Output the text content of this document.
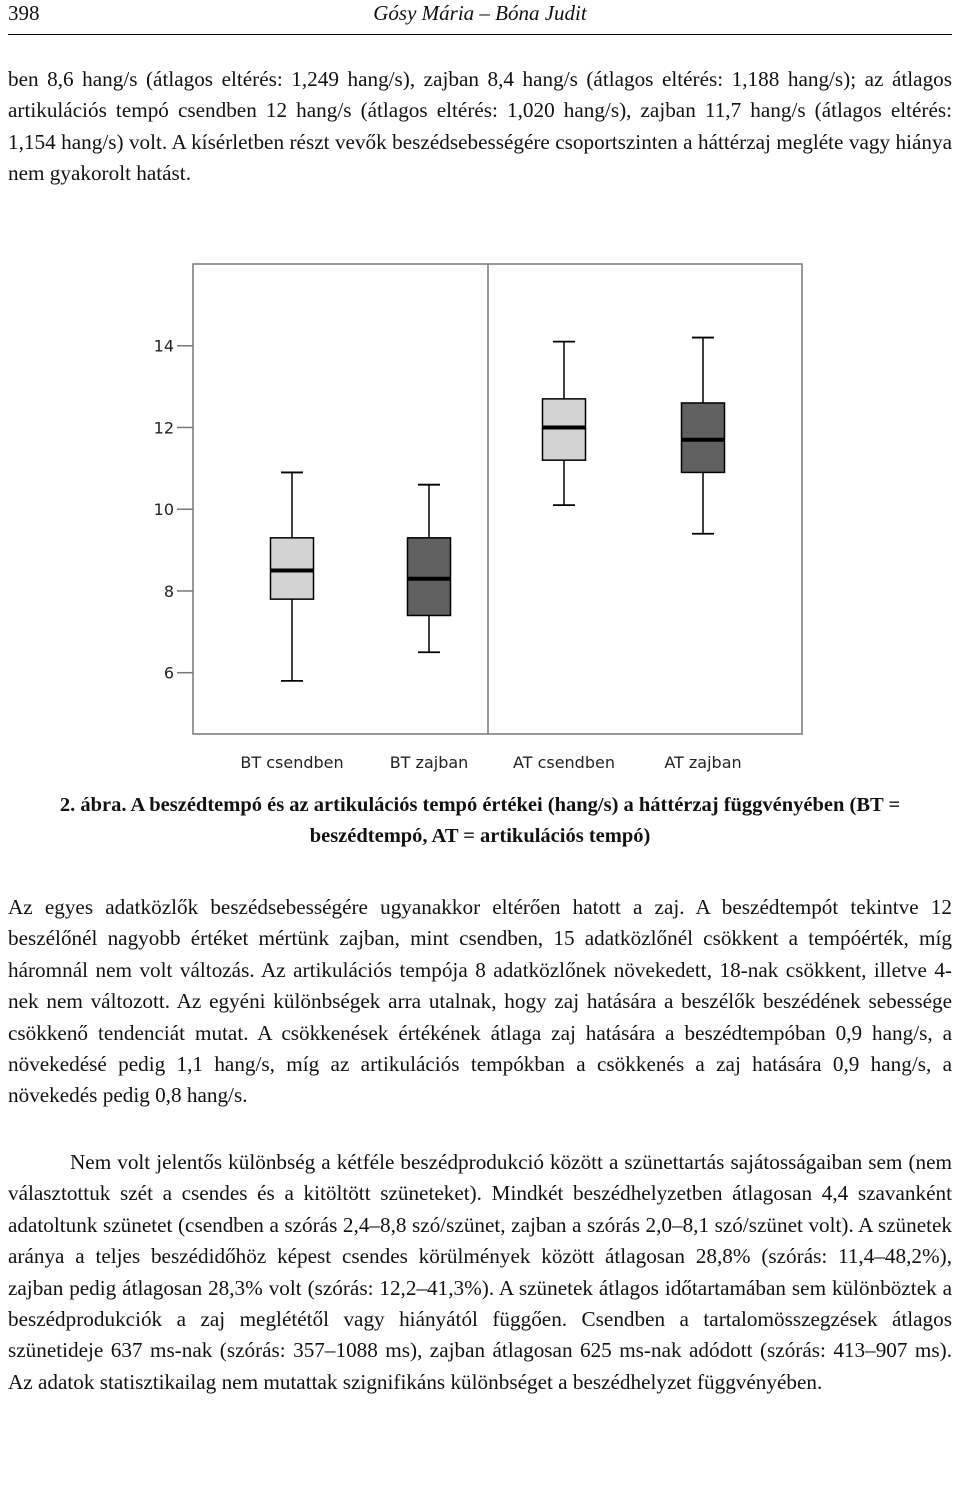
398	Gósy Mária – Bóna Judit

ben 8,6 hang/s (átlagos eltérés: 1,249 hang/s), zajban 8,4 hang/s (átlagos eltérés: 1,188 hang/s); az átlagos artikulációs tempó csendben 12 hang/s (átlagos eltérés: 1,020 hang/s), zajban 11,7 hang/s (átlagos eltérés: 1,154 hang/s) volt. A kísérletben részt vevők beszédsebességére csoportszinten a háttérzaj megléte vagy hiánya nem gyakorolt hatást.

6
8
10
12
14
BT csendben	BT zajban	AT csendben	AT zajban
2. ábra. A beszédtempó és az artikulációs tempó értékei (hang/s) a háttérzaj függvényében (BT = beszédtempó, AT = artikulációs tempó)

Az egyes adatközlők beszédsebességére ugyanakkor eltérően hatott a zaj. A beszédtempót tekintve 12 beszélőnél nagyobb értéket mértünk zajban, mint csendben, 15 adatközlőnél csökkent a tempóérték, míg háromnál nem volt változás. Az artikulációs tempója 8 adatközlőnek növekedett, 18-nak csökkent, illetve 4-nek nem változott. Az egyéni különbségek arra utalnak, hogy zaj hatására a beszélők beszédének sebessége csökkenő tendenciát mutat. A csökkenések értékének átlaga zaj hatására a beszédtempóban 0,9 hang/s, a növekedésé pedig 1,1 hang/s, míg az artikulációs tempókban a csökkenés a zaj hatására 0,9 hang/s, a növekedés pedig 0,8 hang/s.

Nem volt jelentős különbség a kétféle beszédprodukció között a szünettartás sajátosságaiban sem (nem választottuk szét a csendes és a kitöltött szüneteket). Mindkét beszédhelyzetben átlagosan 4,4 szavanként adatoltunk szünetet (csendben a szórás 2,4–8,8 szó/szünet, zajban a szórás 2,0–8,1 szó/szünet volt). A szünetek aránya a teljes beszédidőhöz képest csendes körülmények között átlagosan 28,8% (szórás: 11,4–48,2%), zajban pedig átlagosan 28,3% volt (szórás: 12,2–41,3%). A szünetek átlagos időtartamában sem különböztek a beszédprodukciók a zaj meglététől vagy hiányától függően. Csendben a tartalomösszegzések átlagos szünetideje 637 ms-nak (szórás: 357–1088 ms), zajban átlagosan 625 ms-nak adódott (szórás: 413–907 ms). Az adatok statisztikailag nem mutattak szignifikáns különbséget a beszédhelyzet függvényében.
